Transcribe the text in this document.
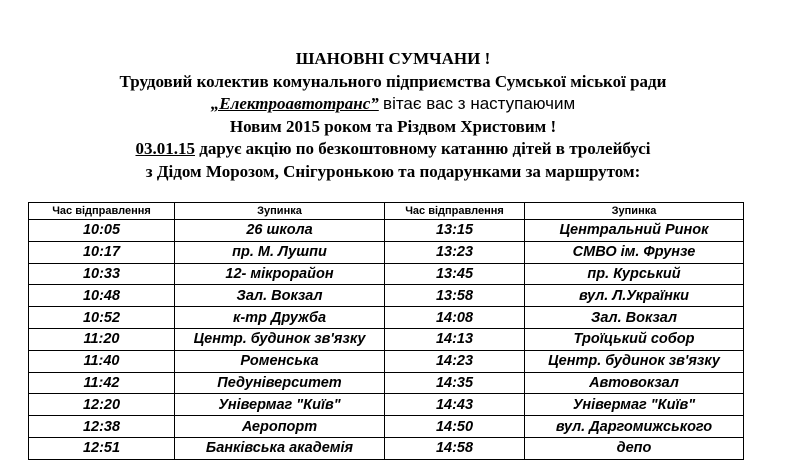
ШАНОВНІ СУМЧАНИ !
Трудовий колектив комунального підприємства Сумської міської ради
„Електроавтотранс” вітає вас з наступаючим
Новим 2015 роком та Різдвом Христовим !
03.01.15 дарує акцію по безкоштовному катанню дітей в тролейбусі
з Дідом Морозом, Снігуронькою та подарунками за маршрутом:
Час відправлення	Зупинка	Час відправлення	Зупинка
10:05	26 школа	13:15	Центральний Ринок
10:17	пр. М. Лушпи	13:23	СМВО ім. Фрунзе
10:33	12- мікрорайон	13:45	пр. Курський
10:48	Зал. Вокзал	13:58	вул. Л.Українки
10:52	к-тр Дружба	14:08	Зал. Вокзал
11:20	Центр. будинок зв'язку	14:13	Троїцький собор
11:40	Роменська	14:23	Центр. будинок зв'язку
11:42	Педуніверситет	14:35	Автовокзал
12:20	Універмаг "Київ"	14:43	Універмаг "Київ"
12:38	Аеропорт	14:50	вул. Даргомижського
12:51	Банківська академія	14:58	депо
